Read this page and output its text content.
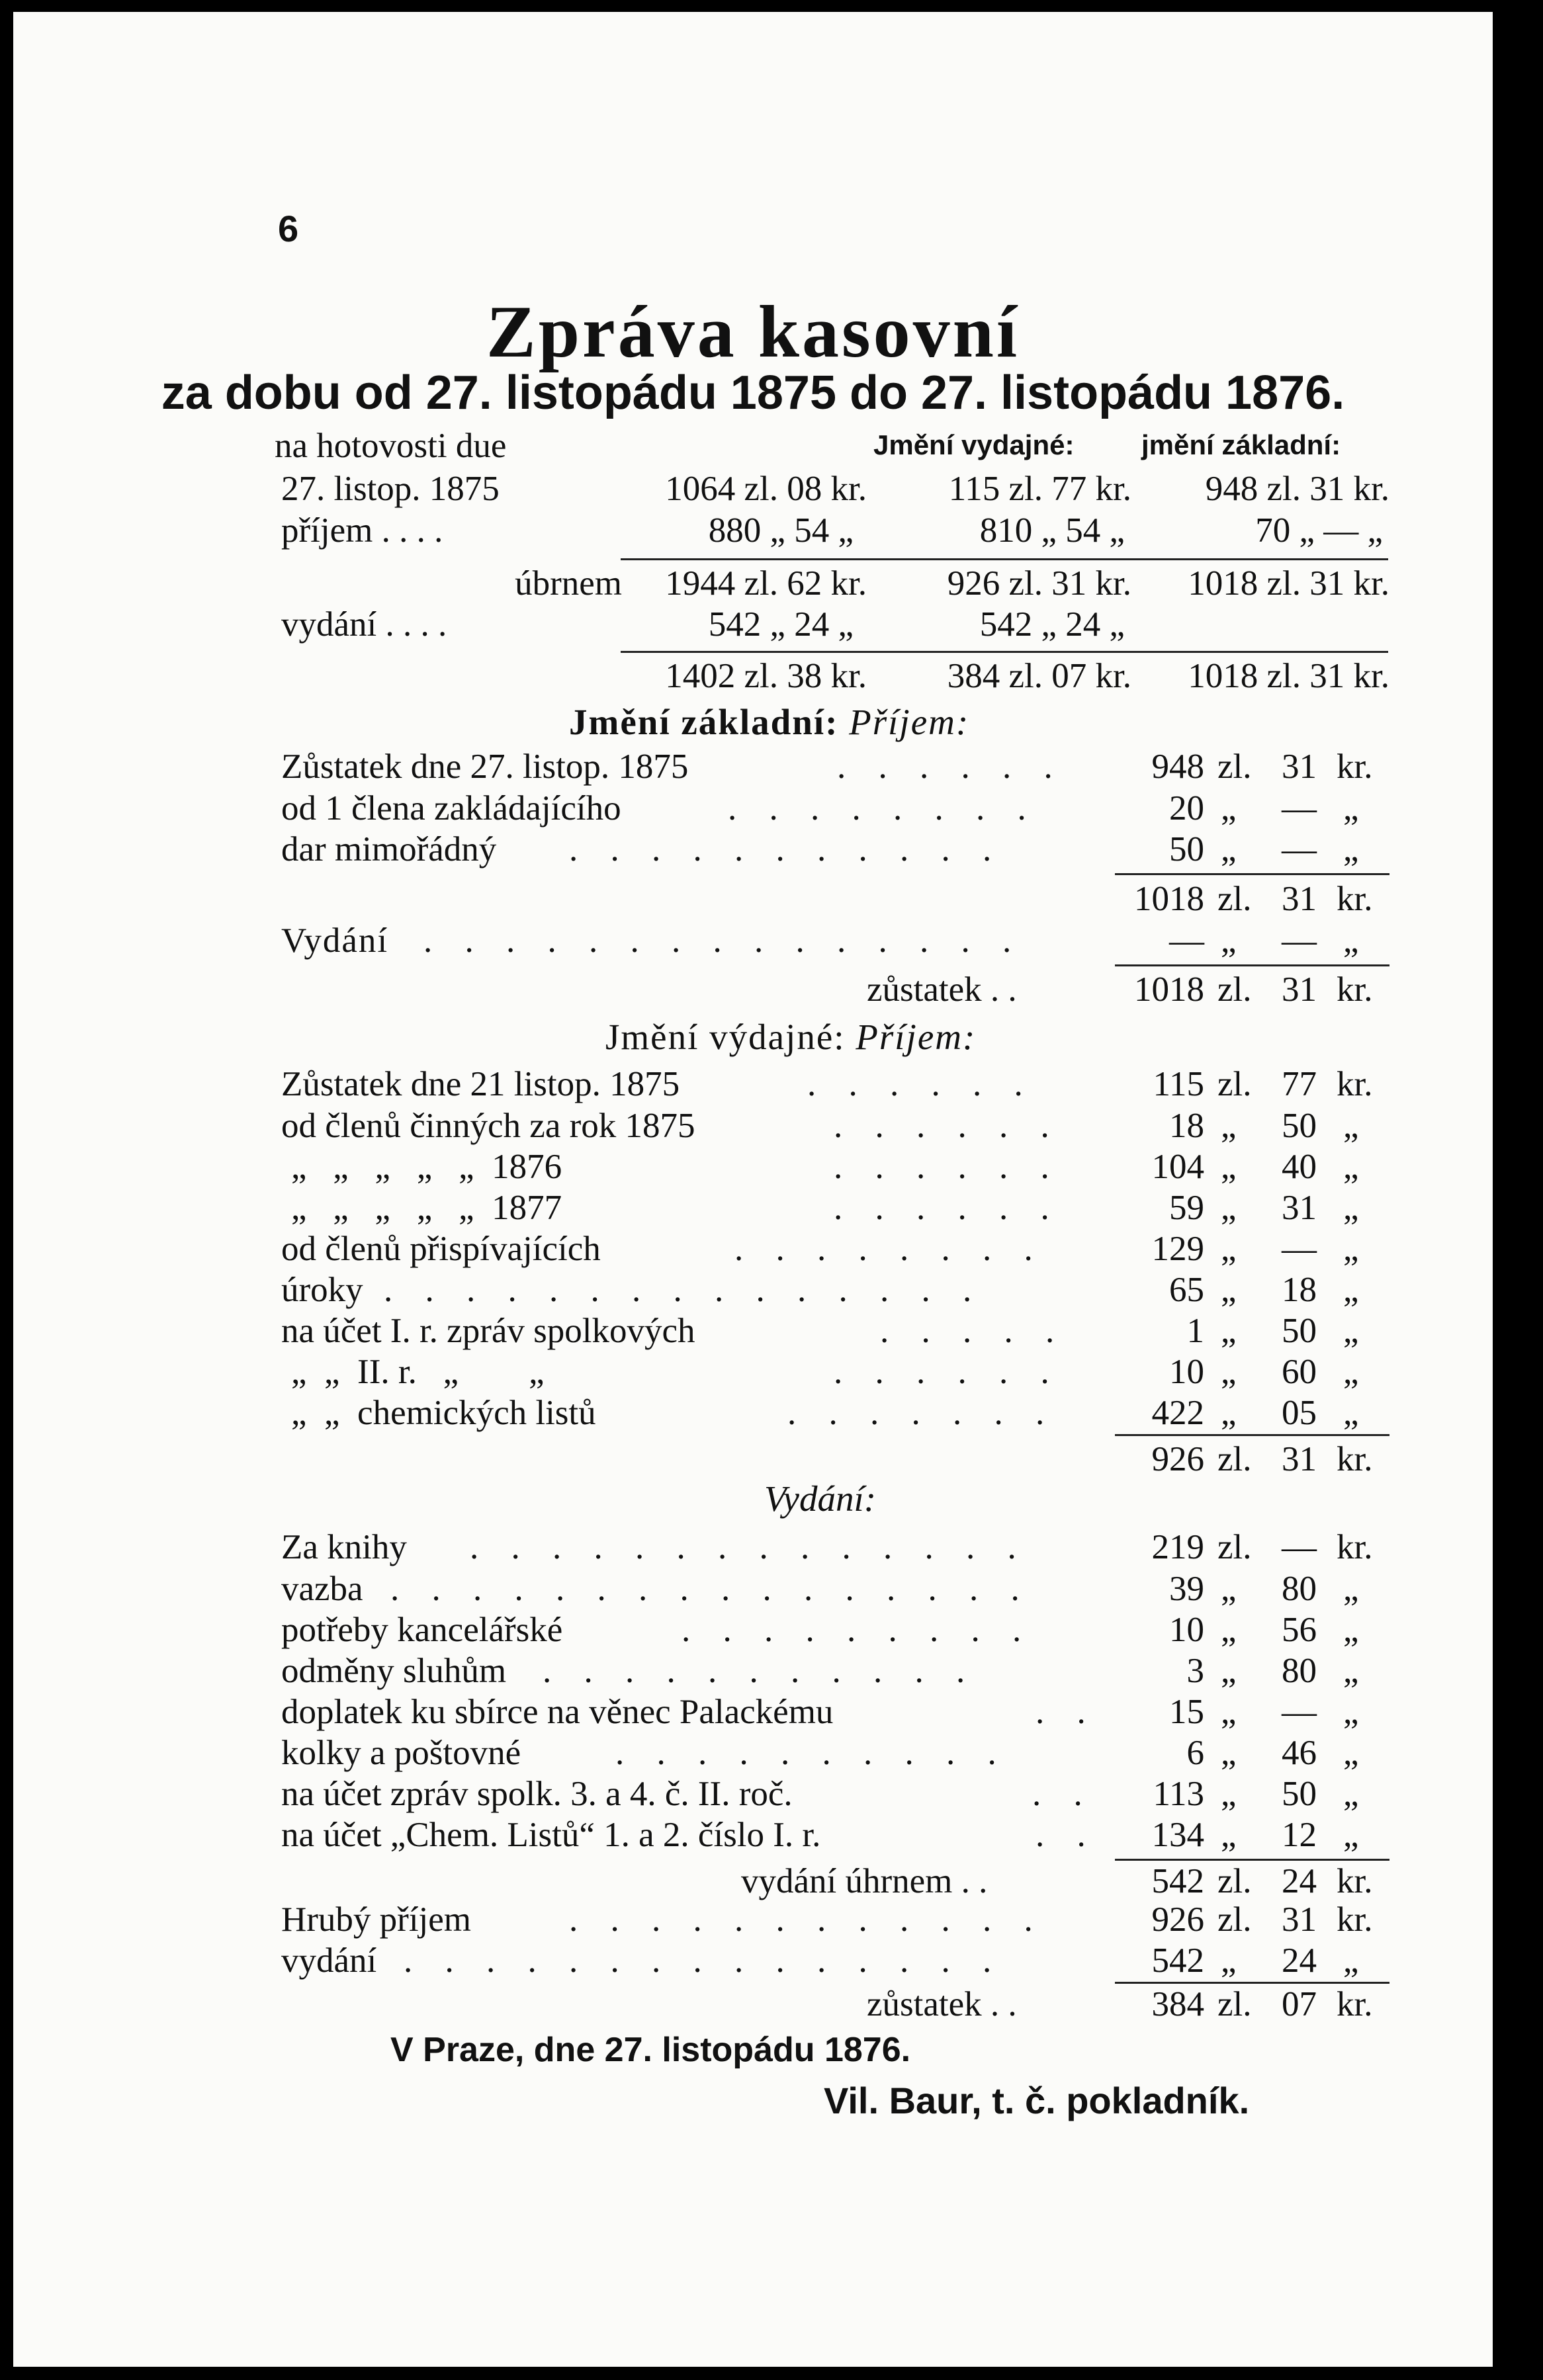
6
Zpráva kasovní
za dobu od 27. listopádu 1875 do 27. listopádu 1876.
na hotovosti due	Jmění vydajné: jmění základní:
27. listop. 1875	1064 zl. 08 kr.	115 zl. 77 kr.	948 zl. 31 kr.
příjem . . . .	880 „ 54 „	810 „ 54 „	70 „ — „
úbrnem	1944 zl. 62 kr.	926 zl. 31 kr.	1018 zl. 31 kr.
vydání . . . .	542 „ 24 „	542 „ 24 „
1402 zl. 38 kr.	384 zl. 07 kr.	1018 zl. 31 kr.
Jmění základní: Příjem:
Zůstatek dne 27. listop. 1875	. . . . . .	948 zl. 31 kr.
od 1 člena zakládajícího	. . . . . . . .	20 „	— „
dar mimořádný . . . . . . . . . . .	50 „	— „
1018 zl. 31 kr.
Vydání . . . . . . . . . . . . . . .	— „	— „
zůstatek . .	1018 zl. 31 kr.
Jmění výdajné: Příjem:
Zůstatek dne 21 listop. 1875	. . . . . .	115 zl. 77 kr.
od členů činných za rok 1875	. . . . . .	18 „	50 „
„   „   „   „   „  1876	. . . . . .	104 „	40 „
„   „   „   „   „  1877	. . . . . .	59 „	31 „
od členů přispívajících	. . . . . . . .	129 „	— „
úroky . . . . . . . . . . . . . . .	65 „	18 „
na účet I. r. zpráv spolkových	. . . . .	1 „	50 „
„  „  II. r.   „        „	. . . . . .	10 „	60 „
„  „  chemických listů	. . . . . . .	422 „	05 „
926 zl. 31 kr.
Vydání:
Za knihy . . . . . . . . . . . . . .	219 zl. — kr.
vazba . . . . . . . . . . . . . . . .	39 „	80 „
potřeby kancelářské	. . . . . . . . .	10 „	56 „
odměny sluhům . . . . . . . . . . .	3 „	80 „
doplatek ku sbírce na věnec Palackému	. .	15 „	— „
kolky a poštovné	. . . . . . . . . .	6 „	46 „
na účet zpráv spolk. 3. a 4. č. II. roč.	. .	113 „	50 „
na účet „Chem. Listů“ 1. a 2. číslo I. r.	. .	134 „	12 „
vydání úhrnem . .	542 zl. 24 kr.
Hrubý příjem	. . . . . . . . . . . .	926 zl. 31 kr.
vydání . . . . . . . . . . . . . . .	542 „	24 „
zůstatek . .	384 zl. 07 kr.
V Praze, dne 27. listopádu 1876.
Vil. Baur, t. č. pokladník.
